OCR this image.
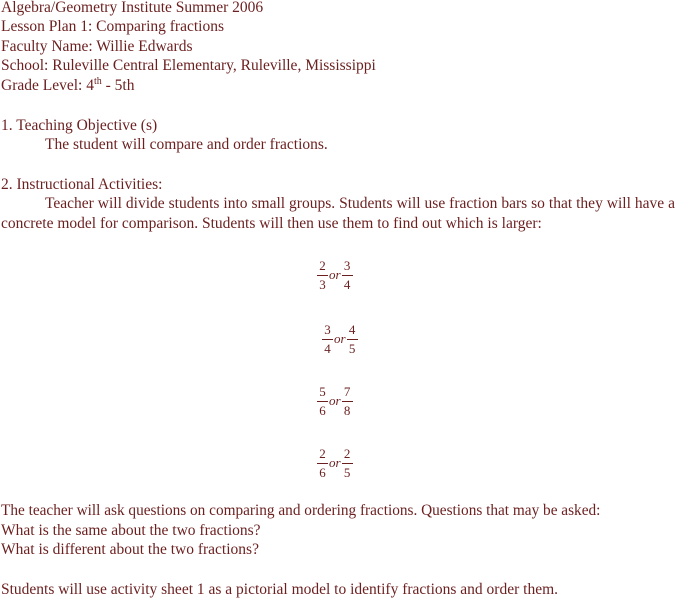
Algebra/Geometry Institute Summer 2006
Lesson Plan 1: Comparing fractions
Faculty Name: Willie Edwards
School: Ruleville Central Elementary, Ruleville, Mississippi
Grade Level: 4th - 5th
1. Teaching Objective (s)
The student will compare and order fractions.
2. Instructional Activities:
Teacher will divide students into small groups. Students will use fraction bars so that they will have a concrete model for comparison. Students will then use them to find out which is larger:
$\frac{2}{3}$ or $\frac{3}{4}$
$\frac{3}{4}$ or $\frac{4}{5}$
$\frac{5}{6}$ or $\frac{7}{8}$
$\frac{2}{6}$ or $\frac{2}{5}$
The teacher will ask questions on comparing and ordering fractions. Questions that may be asked:
What is the same about the two fractions?
What is different about the two fractions?
Students will use activity sheet 1 as a pictorial model to identify fractions and order them.
